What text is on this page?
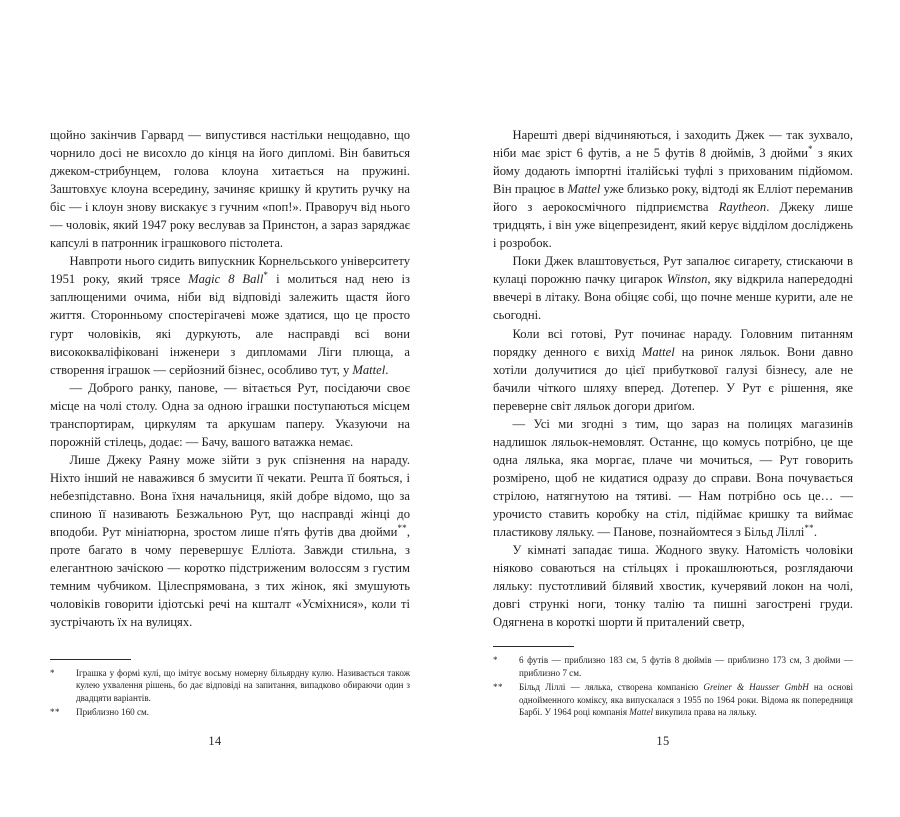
щойно закінчив Гарвард — випустився настільки нещодавно, що чорнило досі не висохло до кінця на його дипломі. Він бавиться джеком-стрибунцем, голова клоуна хитається на пружині. Заштовхує клоуна всередину, зачиняє кришку й крутить ручку на біс — і клоун знову вискакує з гучним «поп!». Праворуч від нього — чоловік, який 1947 року веслував за Принстон, а зараз заряджає капсулі в патронник іграшкового пістолета.

Навпроти нього сидить випускник Корнельського університету 1951 року, який трясе Magic 8 Ball* і молиться над нею із заплющеними очима, ніби від відповіді залежить щастя його життя. Сторонньому спостерігачеві може здатися, що це просто гурт чоловіків, які дуркують, але насправді всі вони висококваліфіковані інженери з дипломами Ліги плюща, а створення іграшок — серйозний бізнес, особливо тут, у Mattel.

— Доброго ранку, панове, — вітається Рут, посідаючи своє місце на чолі столу. Одна за одною іграшки поступаються місцем транспортирам, циркулям та аркушам паперу. Указуючи на порожній стілець, додає: — Бачу, вашого ватажка немає.

Лише Джеку Раяну може зійти з рук спізнення на нараду. Ніхто інший не наважився б змусити її чекати. Решта її бояться, і небезпідставно. Вона їхня начальниця, якій добре відомо, що за спиною її називають Безжальною Рут, що насправді жінці до вподоби. Рут мініатюрна, зростом лише п'ять футів два дюйми**, проте багато в чому перевершує Елліота. Завжди стильна, з елегантною зачіскою — коротко підстриженим волоссям з густим темним чубчиком. Цілеспрямована, з тих жінок, які змушують чоловіків говорити ідіотські речі на кшталт «Усміхнися», коли ті зустрічають їх на вулицях.

*	Іграшка у формі кулі, що імітує восьму номерну більярдну кулю. Називається також кулею ухвалення рішень, бо дає відповіді на запитання, випадково обираючи один з двадцяти варіантів.
**	Приблизно 160 см.
14

Нарешті двері відчиняються, і заходить Джек — так зухвало, ніби має зріст 6 футів, а не 5 футів 8 дюймів, 3 дюйми* з яких йому додають імпортні італійські туфлі з прихованим підйомом. Він працює в Mattel уже близько року, відтоді як Елліот переманив його з аерокосмічного підприємства Raytheon. Джеку лише тридцять, і він уже віцепрезидент, який керує відділом досліджень і розробок.

Поки Джек влаштовується, Рут запалює сигарету, стискаючи в кулаці порожню пачку цигарок Winston, яку відкрила напередодні ввечері в літаку. Вона обіцяє собі, що почне менше курити, але не сьогодні.

Коли всі готові, Рут починає нараду. Головним питанням порядку денного є вихід Mattel на ринок ляльок. Вони давно хотіли долучитися до цієї прибуткової галузі бізнесу, але не бачили чіткого шляху вперед. Дотепер. У Рут є рішення, яке переверне світ ляльок догори дриґом.

— Усі ми згодні з тим, що зараз на полицях магазинів надлишок ляльок-немовлят. Останнє, що комусь потрібно, це ще одна лялька, яка моргає, плаче чи мочиться, — Рут говорить розмірено, щоб не кидатися одразу до справи. Вона почувається стрілою, натягнутою на тятиві. — Нам потрібно ось це… — урочисто ставить коробку на стіл, підіймає кришку та виймає пластикову ляльку. — Панове, познайомтеся з Більд Ліллі**.

У кімнаті западає тиша. Жодного звуку. Натомість чоловіки ніяково соваються на стільцях і прокашлюються, розглядаючи ляльку: пустотливий білявий хвостик, кучерявий локон на чолі, довгі стрункі ноги, тонку талію та пишні загострені груди. Одягнена в короткі шорти й приталений светр,

*	6 футів — приблизно 183 см, 5 футів 8 дюймів — приблизно 173 см, 3 дюйми — приблизно 7 см.
**	Більд Ліллі — лялька, створена компанією Greiner & Hausser GmbH на основі однойменного коміксу, яка випускалася з 1955 по 1964 роки. Відома як попередниця Барбі. У 1964 році компанія Mattel викупила права на ляльку.
15
